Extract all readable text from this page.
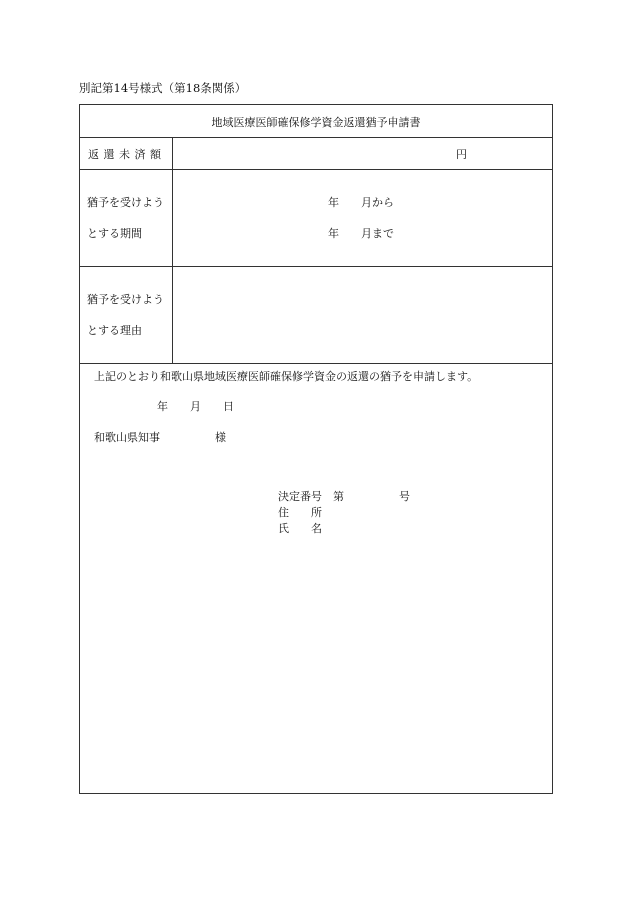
別記第14号様式（第18条関係）
地域医療医師確保修学資金返還猶予申請書
返還未済額	円
猶予を受けよう
とする期間
年　　月から
年　　月まで
猶予を受けよう
とする理由
上記のとおり和歌山県地域医療医師確保修学資金の返還の猶予を申請します。
年　　月　　日
和歌山県知事　　　　　様
決定番号　第　　　　　号
住　　所
氏　　名
